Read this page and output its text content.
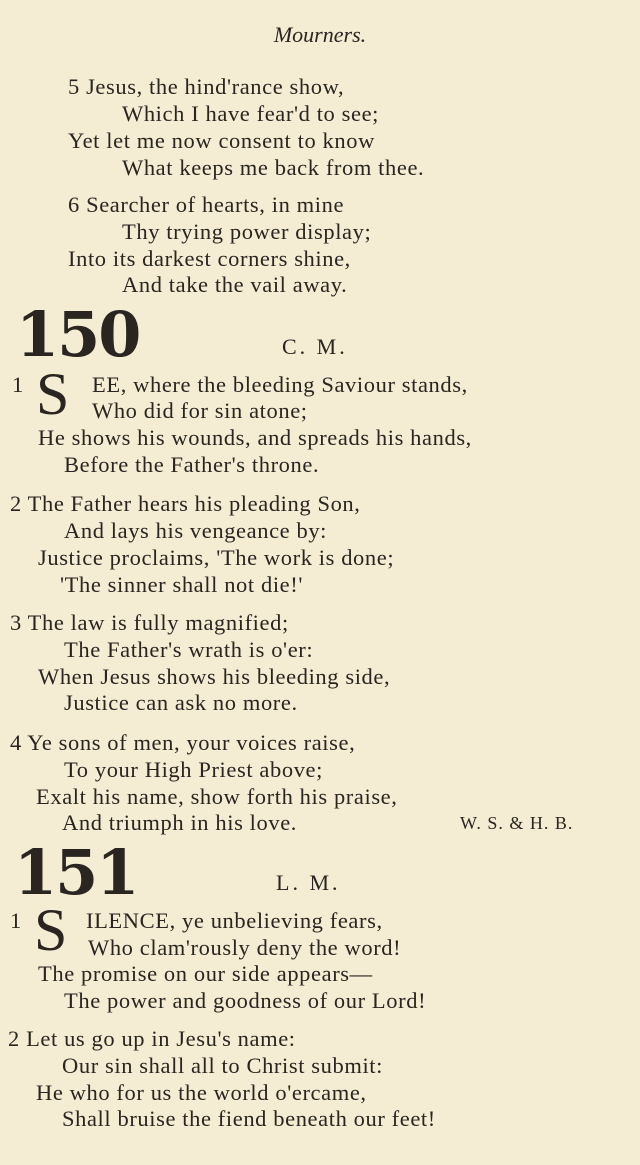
Mourners.
5 Jesus, the hind'rance show,
Which I have fear'd to see;
Yet let me now consent to know
What keeps me back from thee.
6 Searcher of hearts, in mine
Thy trying power display;
Into its darkest corners shine,
And take the vail away.
150	C. M.
1 S EE, where the bleeding Saviour stands,
Who did for sin atone;
He shows his wounds, and spreads his hands,
Before the Father's throne.
2 The Father hears his pleading Son,
And lays his vengeance by:
Justice proclaims, 'The work is done;
'The sinner shall not die!'
3 The law is fully magnified;
The Father's wrath is o'er:
When Jesus shows his bleeding side,
Justice can ask no more.
4 Ye sons of men, your voices raise,
To your High Priest above;
Exalt his name, show forth his praise,
And triumph in his love.	W. S. & H. B.
151	L. M.
1 S ILENCE, ye unbelieving fears,
Who clam'rously deny the word!
The promise on our side appears—
The power and goodness of our Lord!
2 Let us go up in Jesu's name:
Our sin shall all to Christ submit:
He who for us the world o'ercame,
Shall bruise the fiend beneath our feet!
